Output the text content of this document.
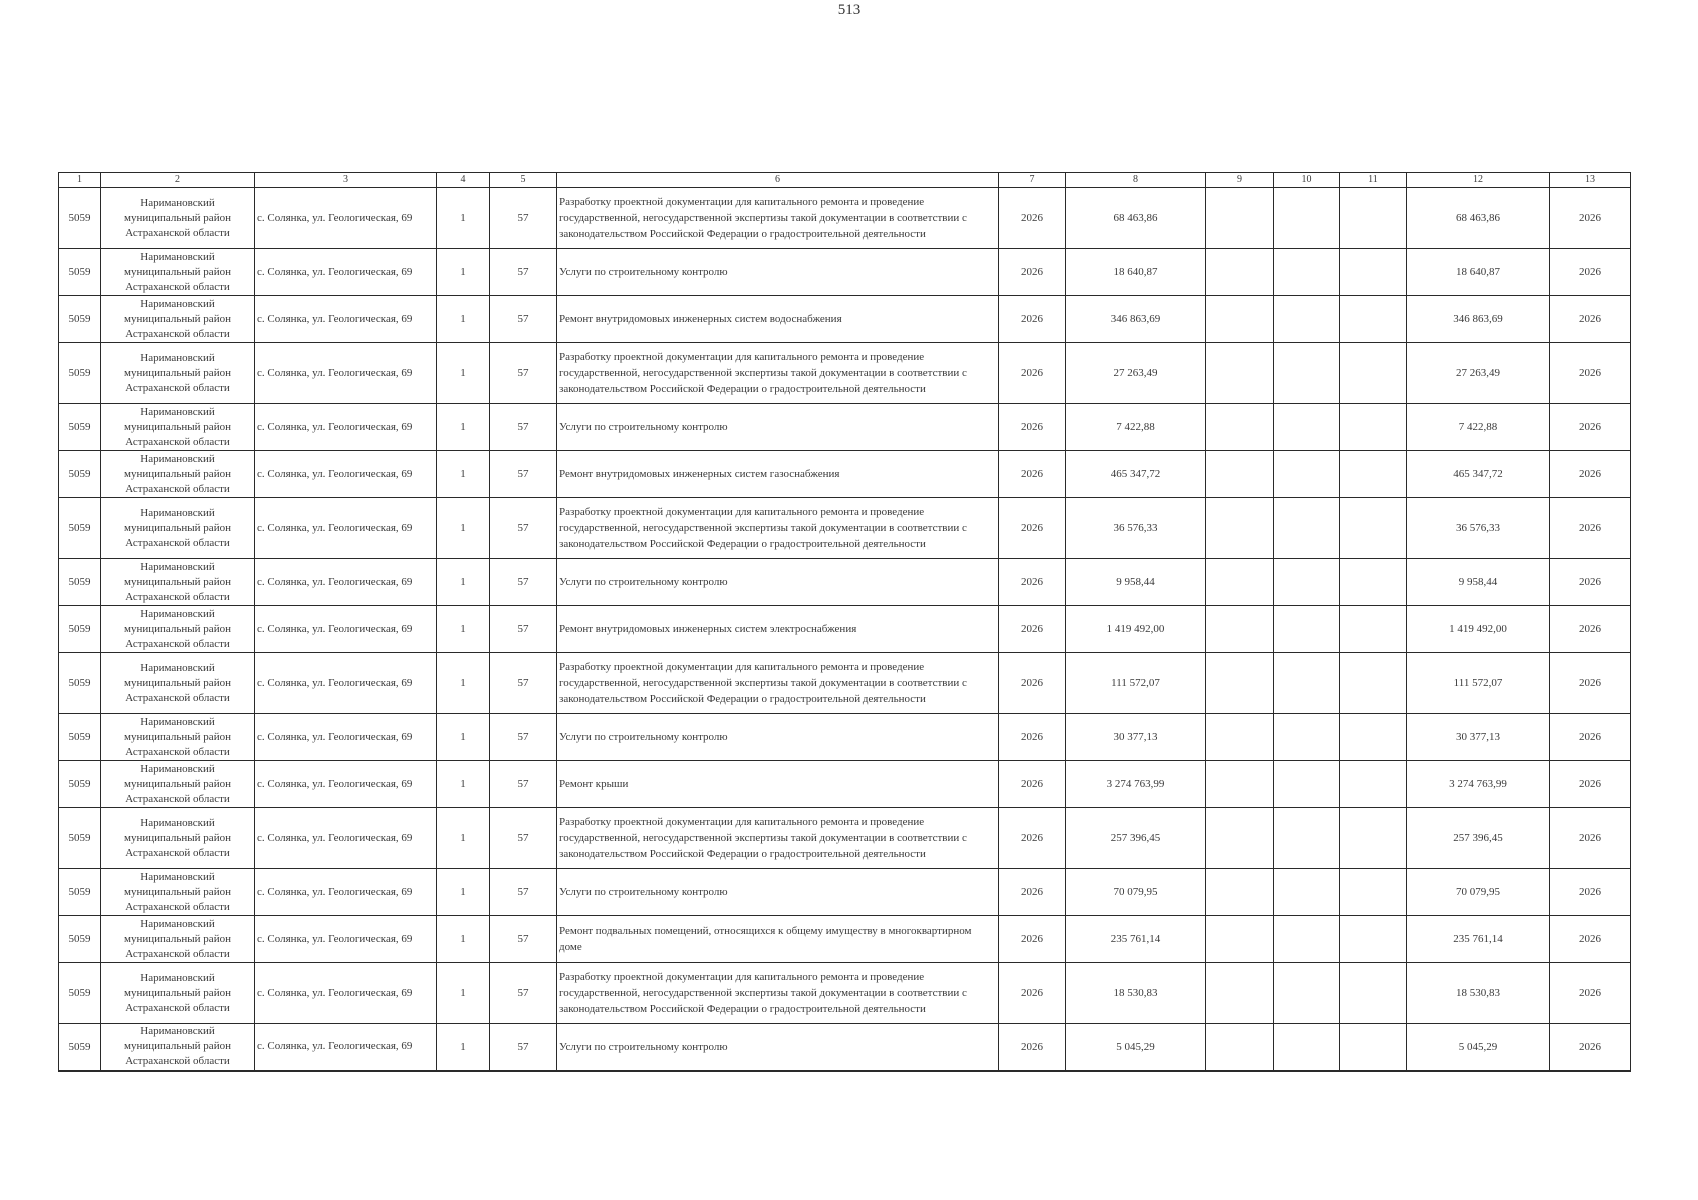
513
1	2	3	4	5	6	7	8	9	10	11	12	13
5059	Наримановский муниципальный район Астраханской области	с. Солянка, ул. Геологическая, 69	1	57	Разработку проектной документации для капитального ремонта и проведение государственной, негосударственной экспертизы такой документации в соответствии с законодательством Российской Федерации о градостроительной деятельности	2026	68 463,86				68 463,86	2026
5059	Наримановский муниципальный район Астраханской области	с. Солянка, ул. Геологическая, 69	1	57	Услуги по строительному контролю	2026	18 640,87				18 640,87	2026
5059	Наримановский муниципальный район Астраханской области	с. Солянка, ул. Геологическая, 69	1	57	Ремонт внутридомовых инженерных систем водоснабжения	2026	346 863,69				346 863,69	2026
5059	Наримановский муниципальный район Астраханской области	с. Солянка, ул. Геологическая, 69	1	57	Разработку проектной документации для капитального ремонта и проведение государственной, негосударственной экспертизы такой документации в соответствии с законодательством Российской Федерации о градостроительной деятельности	2026	27 263,49				27 263,49	2026
5059	Наримановский муниципальный район Астраханской области	с. Солянка, ул. Геологическая, 69	1	57	Услуги по строительному контролю	2026	7 422,88				7 422,88	2026
5059	Наримановский муниципальный район Астраханской области	с. Солянка, ул. Геологическая, 69	1	57	Ремонт внутридомовых инженерных систем газоснабжения	2026	465 347,72				465 347,72	2026
5059	Наримановский муниципальный район Астраханской области	с. Солянка, ул. Геологическая, 69	1	57	Разработку проектной документации для капитального ремонта и проведение государственной, негосударственной экспертизы такой документации в соответствии с законодательством Российской Федерации о градостроительной деятельности	2026	36 576,33				36 576,33	2026
5059	Наримановский муниципальный район Астраханской области	с. Солянка, ул. Геологическая, 69	1	57	Услуги по строительному контролю	2026	9 958,44				9 958,44	2026
5059	Наримановский муниципальный район Астраханской области	с. Солянка, ул. Геологическая, 69	1	57	Ремонт внутридомовых инженерных систем электроснабжения	2026	1 419 492,00				1 419 492,00	2026
5059	Наримановский муниципальный район Астраханской области	с. Солянка, ул. Геологическая, 69	1	57	Разработку проектной документации для капитального ремонта и проведение государственной, негосударственной экспертизы такой документации в соответствии с законодательством Российской Федерации о градостроительной деятельности	2026	111 572,07				111 572,07	2026
5059	Наримановский муниципальный район Астраханской области	с. Солянка, ул. Геологическая, 69	1	57	Услуги по строительному контролю	2026	30 377,13				30 377,13	2026
5059	Наримановский муниципальный район Астраханской области	с. Солянка, ул. Геологическая, 69	1	57	Ремонт крыши	2026	3 274 763,99				3 274 763,99	2026
5059	Наримановский муниципальный район Астраханской области	с. Солянка, ул. Геологическая, 69	1	57	Разработку проектной документации для капитального ремонта и проведение государственной, негосударственной экспертизы такой документации в соответствии с законодательством Российской Федерации о градостроительной деятельности	2026	257 396,45				257 396,45	2026
5059	Наримановский муниципальный район Астраханской области	с. Солянка, ул. Геологическая, 69	1	57	Услуги по строительному контролю	2026	70 079,95				70 079,95	2026
5059	Наримановский муниципальный район Астраханской области	с. Солянка, ул. Геологическая, 69	1	57	Ремонт подвальных помещений, относящихся к общему имуществу в многоквартирном доме	2026	235 761,14				235 761,14	2026
5059	Наримановский муниципальный район Астраханской области	с. Солянка, ул. Геологическая, 69	1	57	Разработку проектной документации для капитального ремонта и проведение государственной, негосударственной экспертизы такой документации в соответствии с законодательством Российской Федерации о градостроительной деятельности	2026	18 530,83				18 530,83	2026
5059	Наримановский муниципальный район Астраханской области	с. Солянка, ул. Геологическая, 69	1	57	Услуги по строительному контролю	2026	5 045,29				5 045,29	2026
